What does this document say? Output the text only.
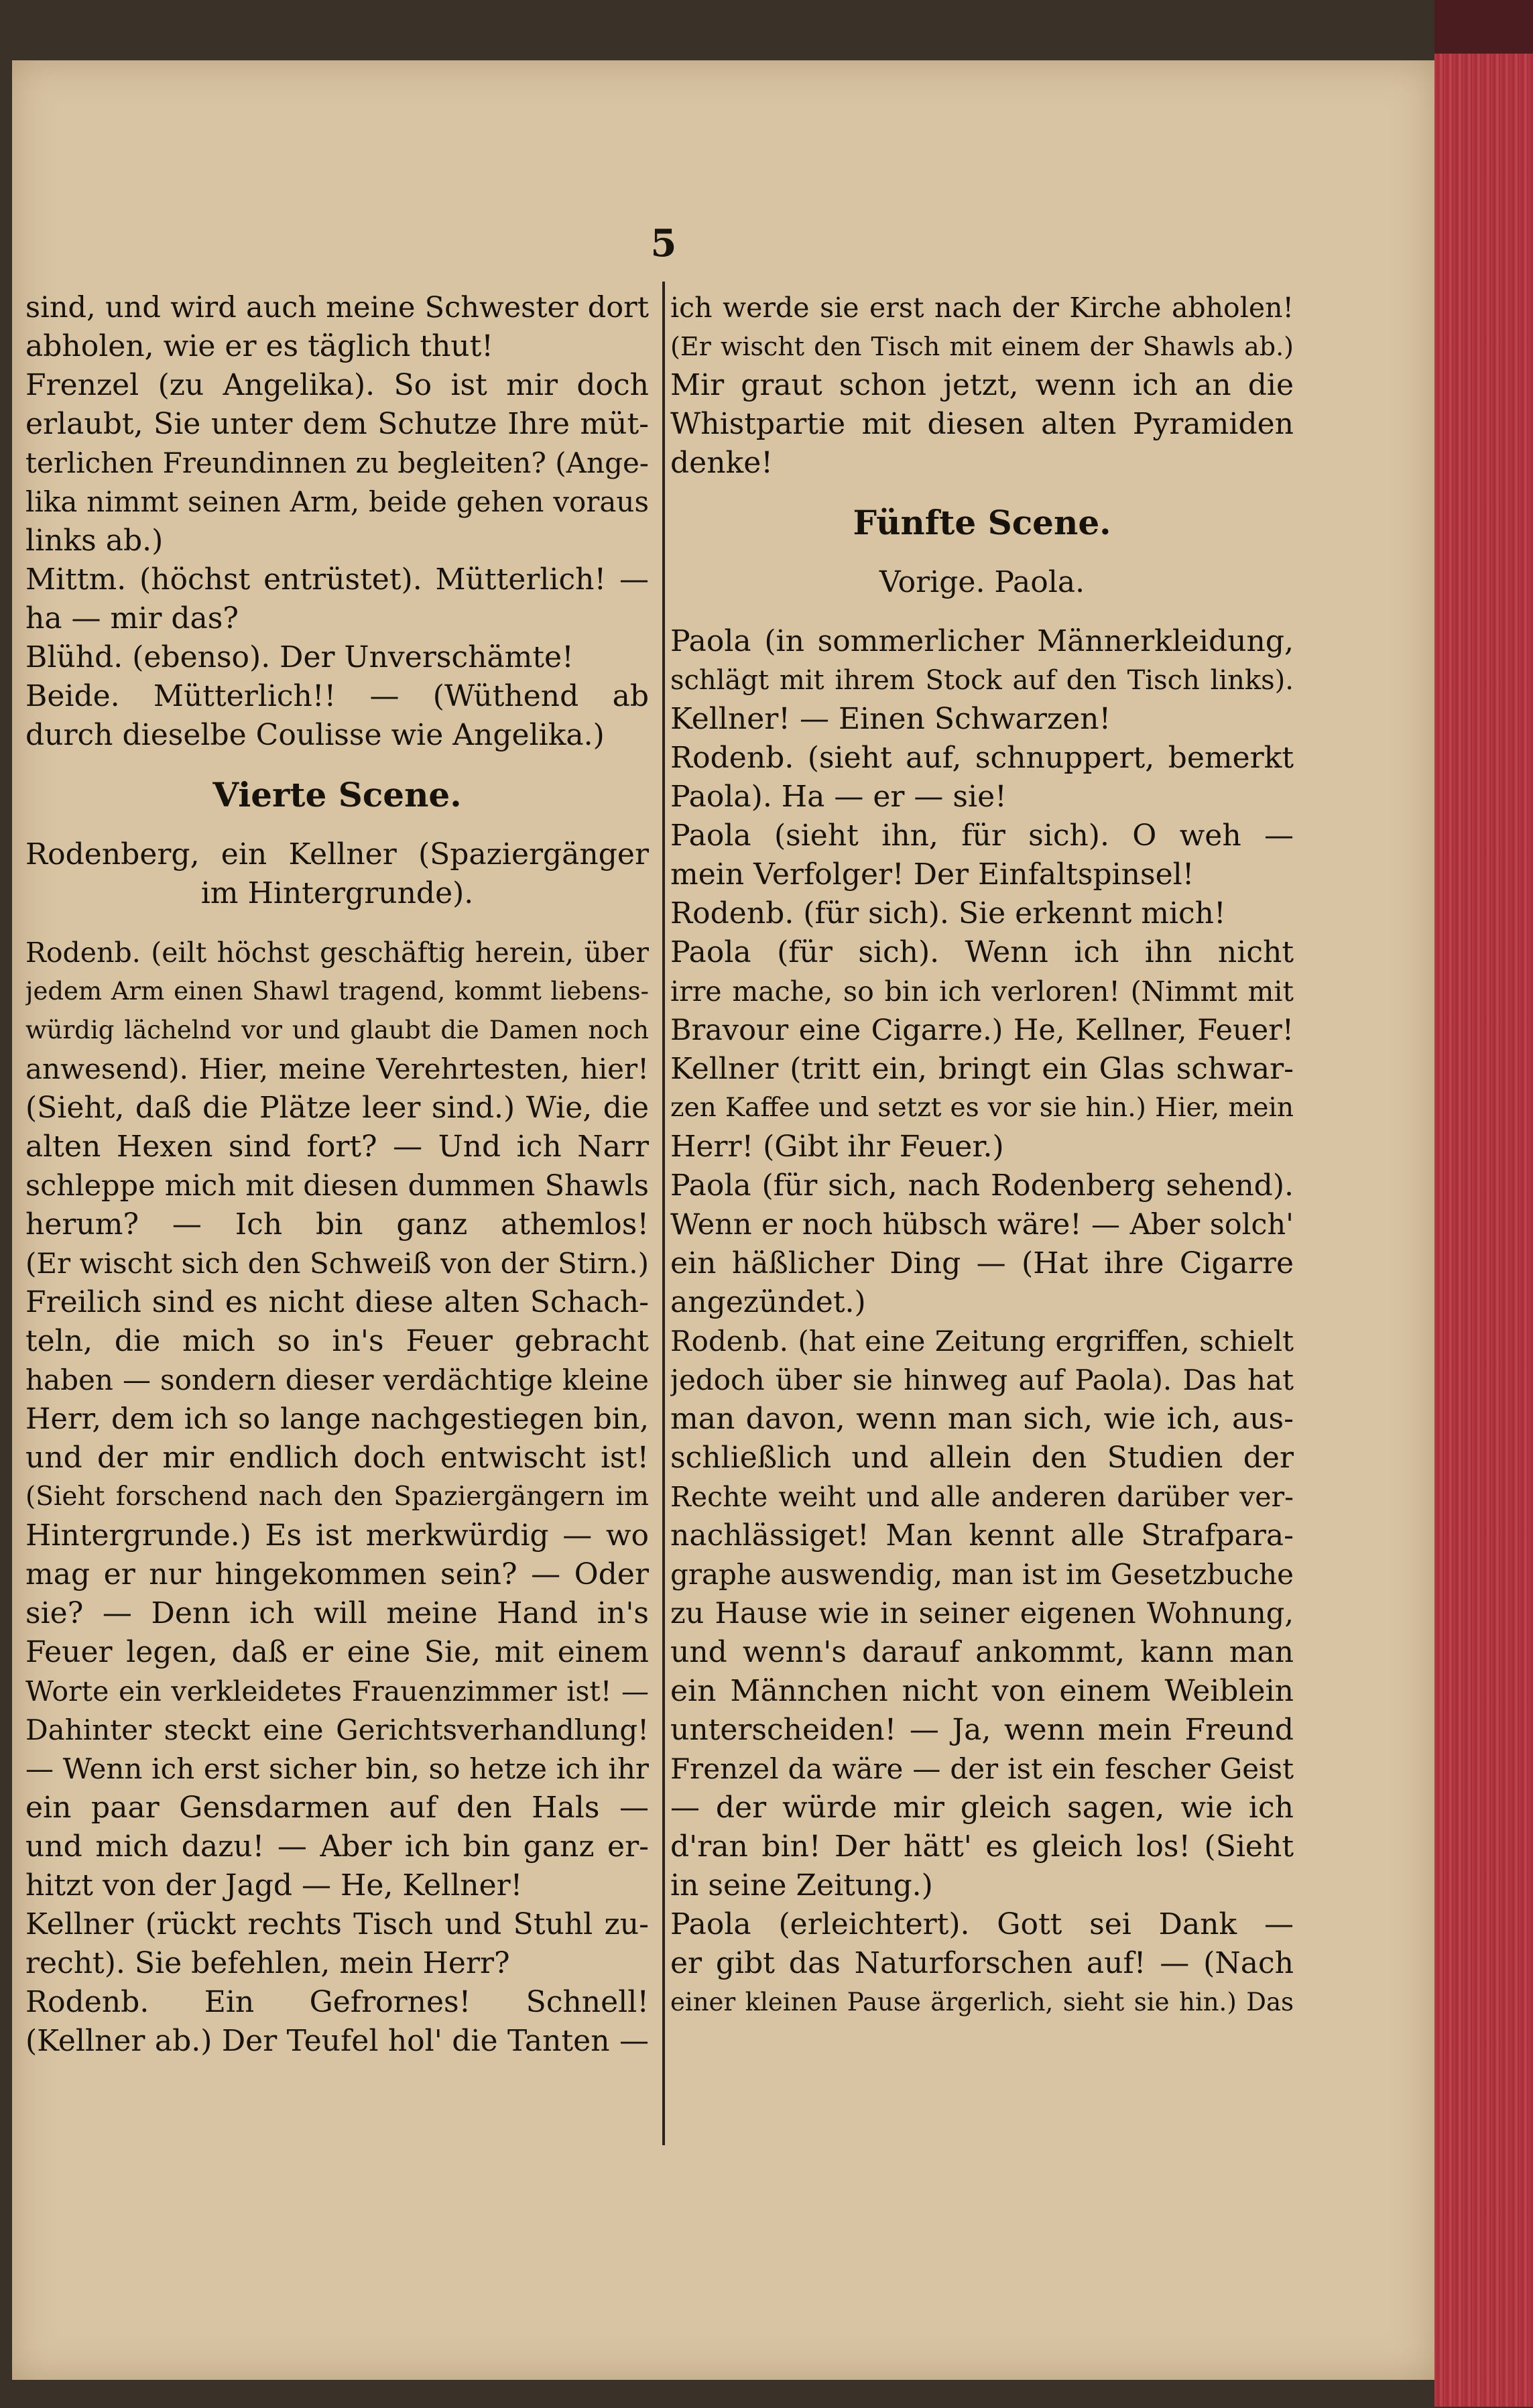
5
sind, und wird auch meine Schwester dort
abholen, wie er es täglich thut!
Frenzel (zu Angelika). So ist mir doch
erlaubt, Sie unter dem Schutze Ihre müt-
terlichen Freundinnen zu begleiten? (Ange-
lika nimmt seinen Arm, beide gehen voraus
links ab.)
Mittm. (höchst entrüstet). Mütterlich! —
ha — mir das?
Blühd. (ebenso). Der Unverschämte!
Beide. Mütterlich!! — (Wüthend ab
durch dieselbe Coulisse wie Angelika.)
Vierte Scene.
Rodenberg, ein Kellner (Spaziergänger
im Hintergrunde).
Rodenb. (eilt höchst geschäftig herein, über
jedem Arm einen Shawl tragend, kommt liebens-
würdig lächelnd vor und glaubt die Damen noch
anwesend). Hier, meine Verehrtesten, hier!
(Sieht, daß die Plätze leer sind.) Wie, die
alten Hexen sind fort? — Und ich Narr
schleppe mich mit diesen dummen Shawls
herum? — Ich bin ganz athemlos!
(Er wischt sich den Schweiß von der Stirn.)
Freilich sind es nicht diese alten Schach-
teln, die mich so in's Feuer gebracht
haben — sondern dieser verdächtige kleine
Herr, dem ich so lange nachgestiegen bin,
und der mir endlich doch entwischt ist!
(Sieht forschend nach den Spaziergängern im
Hintergrunde.) Es ist merkwürdig — wo
mag er nur hingekommen sein? — Oder
sie? — Denn ich will meine Hand in's
Feuer legen, daß er eine Sie, mit einem
Worte ein verkleidetes Frauenzimmer ist! —
Dahinter steckt eine Gerichtsverhandlung!
— Wenn ich erst sicher bin, so hetze ich ihr
ein paar Gensdarmen auf den Hals —
und mich dazu! — Aber ich bin ganz er-
hitzt von der Jagd — He, Kellner!
Kellner (rückt rechts Tisch und Stuhl zu-
recht). Sie befehlen, mein Herr?
Rodenb. Ein Gefrornes! Schnell!
(Kellner ab.) Der Teufel hol' die Tanten —
ich werde sie erst nach der Kirche abholen!
(Er wischt den Tisch mit einem der Shawls ab.)
Mir graut schon jetzt, wenn ich an die
Whistpartie mit diesen alten Pyramiden
denke!
Fünfte Scene.
Vorige. Paola.
Paola (in sommerlicher Männerkleidung,
schlägt mit ihrem Stock auf den Tisch links).
Kellner! — Einen Schwarzen!
Rodenb. (sieht auf, schnuppert, bemerkt
Paola). Ha — er — sie!
Paola (sieht ihn, für sich). O weh —
mein Verfolger! Der Einfaltspinsel!
Rodenb. (für sich). Sie erkennt mich!
Paola (für sich). Wenn ich ihn nicht
irre mache, so bin ich verloren! (Nimmt mit
Bravour eine Cigarre.) He, Kellner, Feuer!
Kellner (tritt ein, bringt ein Glas schwar-
zen Kaffee und setzt es vor sie hin.) Hier, mein
Herr! (Gibt ihr Feuer.)
Paola (für sich, nach Rodenberg sehend).
Wenn er noch hübsch wäre! — Aber solch'
ein häßlicher Ding — (Hat ihre Cigarre
angezündet.)
Rodenb. (hat eine Zeitung ergriffen, schielt
jedoch über sie hinweg auf Paola). Das hat
man davon, wenn man sich, wie ich, aus-
schließlich und allein den Studien der
Rechte weiht und alle anderen darüber ver-
nachlässiget! Man kennt alle Strafpara-
graphe auswendig, man ist im Gesetzbuche
zu Hause wie in seiner eigenen Wohnung,
und wenn's darauf ankommt, kann man
ein Männchen nicht von einem Weiblein
unterscheiden! — Ja, wenn mein Freund
Frenzel da wäre — der ist ein fescher Geist
— der würde mir gleich sagen, wie ich
d'ran bin! Der hätt' es gleich los! (Sieht
in seine Zeitung.)
Paola (erleichtert). Gott sei Dank —
er gibt das Naturforschen auf! — (Nach
einer kleinen Pause ärgerlich, sieht sie hin.) Das
